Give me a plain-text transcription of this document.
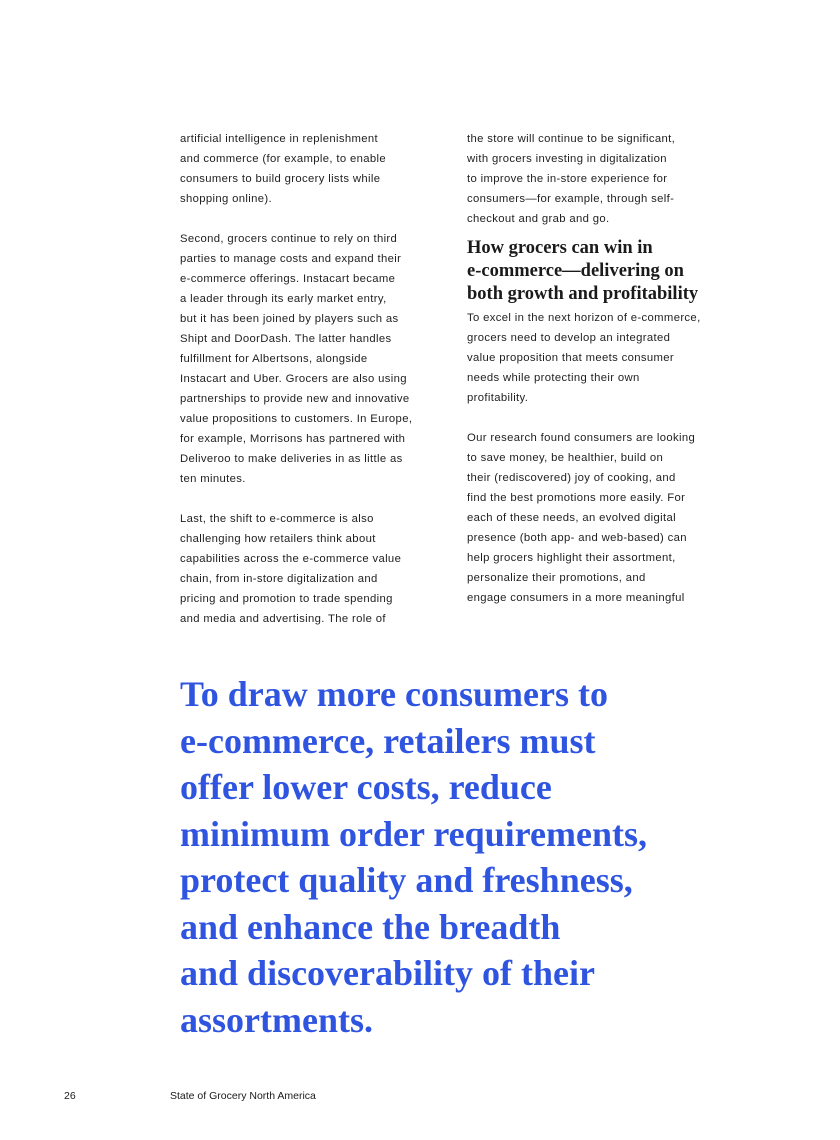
artificial intelligence in replenishment
and commerce (for example, to enable
consumers to build grocery lists while
shopping online).

Second, grocers continue to rely on third
parties to manage costs and expand their
e-commerce offerings. Instacart became
a leader through its early market entry,
but it has been joined by players such as
Shipt and DoorDash. The latter handles
fulfillment for Albertsons, alongside
Instacart and Uber. Grocers are also using
partnerships to provide new and innovative
value propositions to customers. In Europe,
for example, Morrisons has partnered with
Deliveroo to make deliveries in as little as
ten minutes.

Last, the shift to e-commerce is also
challenging how retailers think about
capabilities across the e-commerce value
chain, from in-store digitalization and
pricing and promotion to trade spending
and media and advertising. The role of

the store will continue to be significant,
with grocers investing in digitalization
to improve the in-store experience for
consumers—for example, through self-
checkout and grab and go.

How grocers can win in
e-commerce—delivering on
both growth and profitability

To excel in the next horizon of e-commerce,
grocers need to develop an integrated
value proposition that meets consumer
needs while protecting their own
profitability.

Our research found consumers are looking
to save money, be healthier, build on
their (rediscovered) joy of cooking, and
find the best promotions more easily. For
each of these needs, an evolved digital
presence (both app- and web-based) can
help grocers highlight their assortment,
personalize their promotions, and
engage consumers in a more meaningful

To draw more consumers to
e-commerce, retailers must
offer lower costs, reduce
minimum order requirements,
protect quality and freshness,
and enhance the breadth
and discoverability of their
assortments.
26	State of Grocery North America
